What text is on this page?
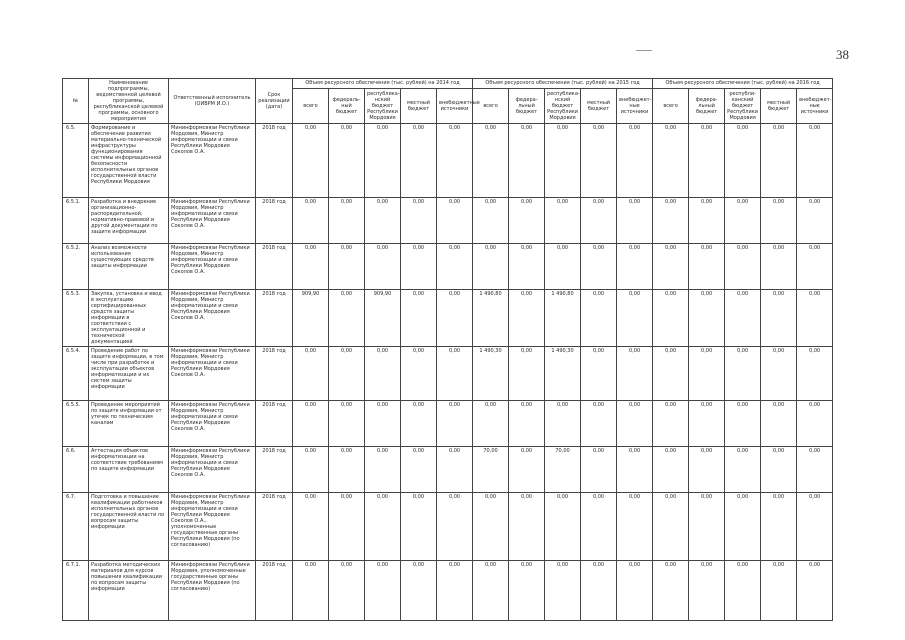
38
№	Наименование подпрограммы, ведомственной целевой программы, республиканской целевой программы, основного мероприятия	Ответственный исполнитель (ОИВРМ И.О.)	Срок реализации (дата)	Объем ресурсного обеспечения (тыс. рублей) на 2014 год					Объем ресурсного обеспечения (тыс. рублей) на 2015 год					Объем ресурсного обеспечения (тыс. рублей) на 2016 год				
				всего	федераль-ный бюджет	республика-нский бюджет Республики Мордовия	местный бюджет	внебюджетные источники	всего	федера-льный бюджет	республика-нский бюджет Республики Мордовия	местный бюджет	внебюджет-ные источники	всего	федера-льный бюджет	республи-канский бюджет Республики Мордовия	местный бюджет	внебюджет-ные источники
6.5.	Формирование и обеспечение развития материально-технической инфраструктуры функционирования системы информационной безопасности исполнительных органов государственной власти Республики Мордовия	Мининформсвязи Республики Мордовия, Министр информатизации и связи Республики Мордовия Соколов О.А.	2018 год	0,00	0,00	0,00	0,00	0,00	0,00	0,00	0,00	0,00	0,00	0,00	0,00	0,00	0,00	0,00
6.5.1.	Разработка и внедрение организационно-распорядительной, нормативно-правовой и другой документации по защите информации	Мининформсвязи Республики Мордовия, Министр информатизации и связи Республики Мордовия Соколов О.А.	2018 год	0,00	0,00	0,00	0,00	0,00	0,00	0,00	0,00	0,00	0,00	0,00	0,00	0,00	0,00	0,00
6.5.2.	Анализ возможности использования существующих средств защиты информации	Мининформсвязи Республики Мордовия, Министр информатизации и связи Республики Мордовия Соколов О.А.	2018 год	0,00	0,00	0,00	0,00	0,00	0,00	0,00	0,00	0,00	0,00	0,00	0,00	0,00	0,00	0,00
6.5.3.	Закупка, установка и ввод в эксплуатацию сертифицированных средств защиты информации в соответствии с эксплуатационной и технической документацией	Мининформсвязи Республики Мордовия, Министр информатизации и связи Республики Мордовия Соколов О.А.	2018 год	909,90	0,00	909,90	0,00	0,00	1 490,80	0,00	1 490,80	0,00	0,00	0,00	0,00	0,00	0,00	0,00
6.5.4.	Проведение работ по защите информации, в том числе при разработке и эксплуатации объектов информатизации и их систем защиты информации	Мининформсвязи Республики Мордовия, Министр информатизации и связи Республики Мордовия Соколов О.А.	2018 год	0,00	0,00	0,00	0,00	0,00	1 490,30	0,00	1 490,30	0,00	0,00	0,00	0,00	0,00	0,00	0,00
6.5.5.	Проведение мероприятий по защите информации от утечек по техническим каналам	Мининформсвязи Республики Мордовия, Министр информатизации и связи Республики Мордовия Соколов О.А.	2018 год	0,00	0,00	0,00	0,00	0,00	0,00	0,00	0,00	0,00	0,00	0,00	0,00	0,00	0,00	0,00
6.6.	Аттестация объектов информатизации на соответствие требованиям по защите информации	Мининформсвязи Республики Мордовия, Министр информатизации и связи Республики Мордовия Соколов О.А.	2018 год	0,00	0,00	0,00	0,00	0,00	70,00	0,00	70,00	0,00	0,00	0,00	0,00	0,00	0,00	0,00
6.7.	Подготовка и повышение квалификации работников исполнительных органов государственной власти по вопросам защиты информации	Мининформсвязи Республики Мордовия, Министр информатизации и связи Республики Мордовия Соколов О.А., уполномоченные государственные органы Республики Мордовия (по согласованию)	2018 год	0,00	0,00	0,00	0,00	0,00	0,00	0,00	0,00	0,00	0,00	0,00	0,00	0,00	0,00	0,00
6.7.1.	Разработка методических материалов для курсов повышения квалификации по вопросам защиты информации	Мининформсвязи Республики Мордовия, уполномоченные государственные органы Республики Мордовия (по согласованию)	2018 год	0,00	0,00	0,00	0,00	0,00	0,00	0,00	0,00	0,00	0,00	0,00	0,00	0,00	0,00	0,00
